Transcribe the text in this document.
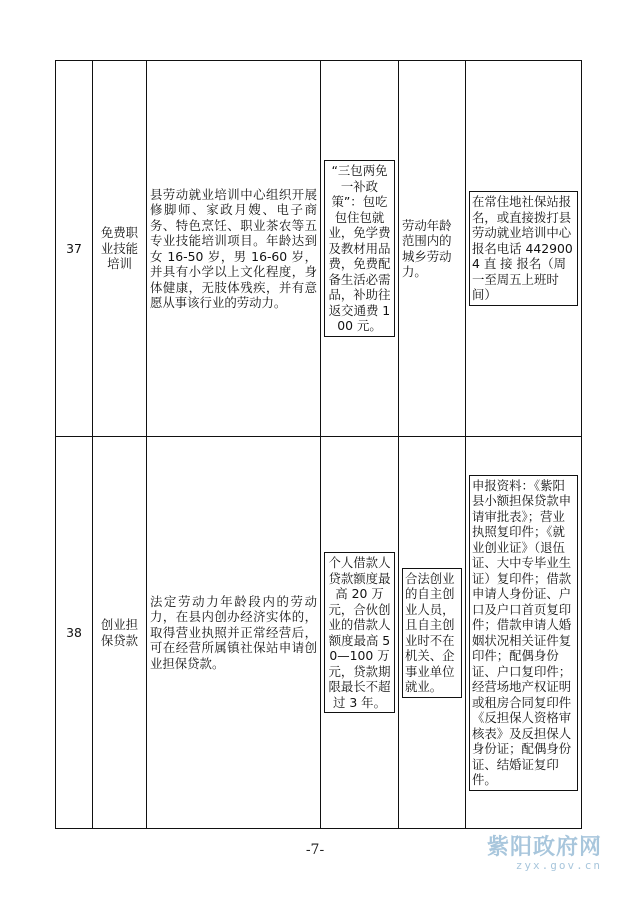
37	免费职业技能培训	县劳动就业培训中心组织开展修脚师、家政月嫂、电子商务、特色烹饪、职业茶农等五专业技能培训项目。年龄达到女 16-50 岁，男 16-60 岁，并具有小学以上文化程度，身体健康，无肢体残疾，并有意愿从事该行业的劳动力。	“三包两免一补政策”：包吃包住包就业，免学费及教材用品费，免费配备生活必需品，补助往返交通费 100 元。	劳动年龄范围内的城乡劳动力。	在常住地社保站报名，或直接拨打县劳动就业培训中心报名电话 4429004 直 接 报名（周一至周五上班时间）

38	创业担保贷款	法定劳动力年龄段内的劳动力，在县内创办经济实体的，取得营业执照并正常经营后，可在经营所属镇社保站申请创业担保贷款。	个人借款人贷款额度最高 20 万元，合伙创业的借款人额度最高 50—100 万元，贷款期限最长不超过 3 年。	合法创业的自主创业人员，且自主创业时不在机关、企事业单位就业。	申报资料：《紫阳县小额担保贷款申请审批表》；营业执照复印件；《就业创业证》（退伍证、大中专毕业生证）复印件；借款申请人身份证、户口及户口首页复印件；借款申请人婚姻状况相关证件复印件；配偶身份证、户口复印件；经营场地产权证明或租房合同复印件《反担保人资格审核表》及反担保人身份证；配偶身份证、结婚证复印件。
-7-	紫阳政府网
zyx.gov.cn
